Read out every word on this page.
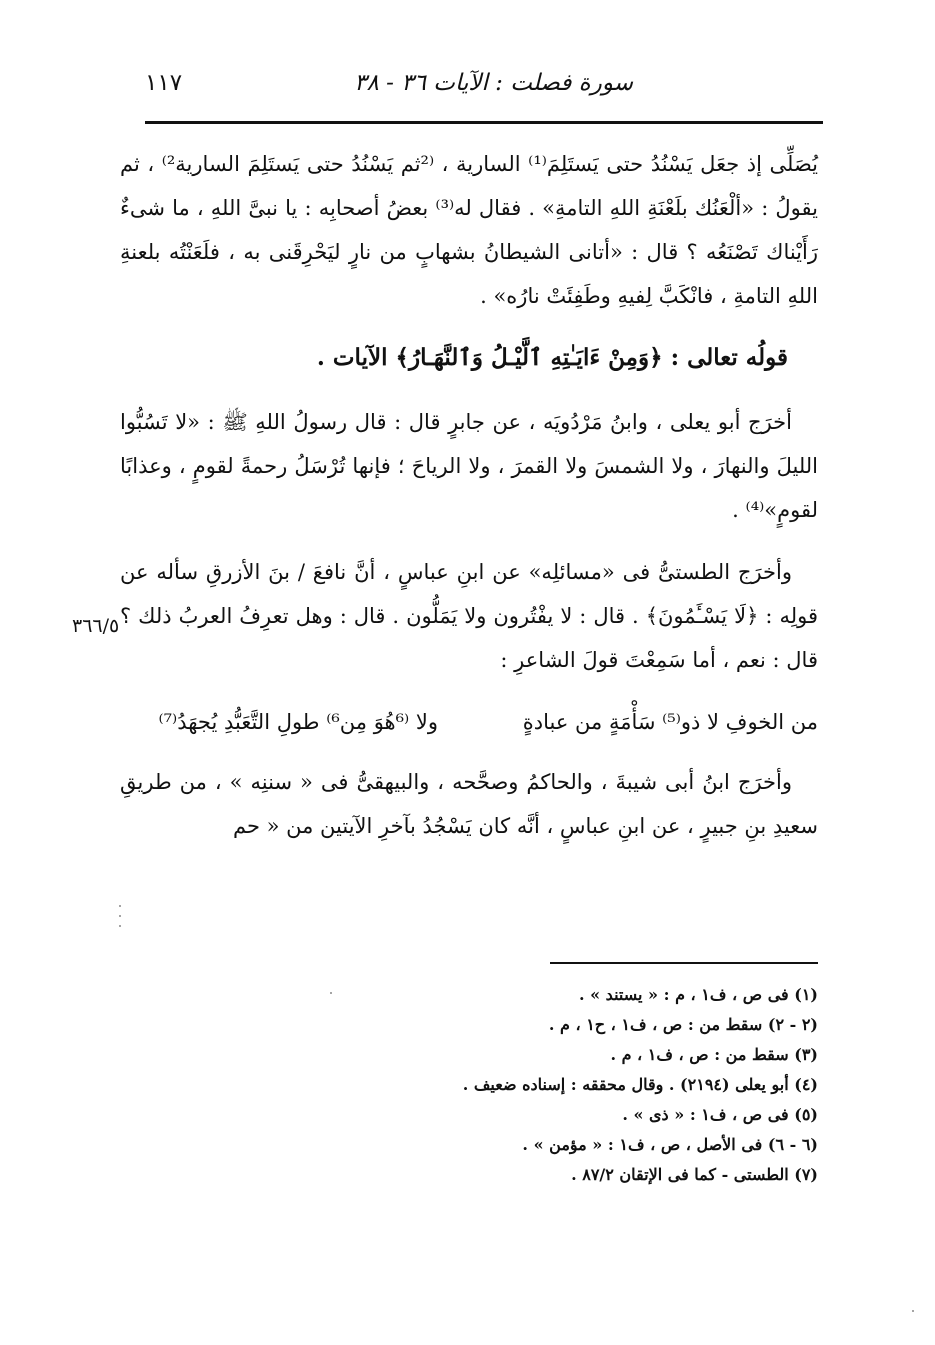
سورة فصلت : الآيات ٣٦ - ٣٨
١١٧
٣٦٦/٥

يُصَلِّى إذ جعَل يَسْنُدُ حتى يَستَلِمَ⁽¹⁾ السارية ، ⁽²ثم يَسْنُدُ حتى يَستَلِمَ السارية²⁾ ، ثم يقولُ : «ألْعَنُك بلَعْنَةِ اللهِ التامةِ» . فقال له⁽³⁾ بعضُ أصحابِه : يا نبىَّ اللهِ ، ما شىءٌ رَأَيْناك تَصْنَعُه ؟ قال : «أتانى الشيطانُ بشهابٍ من نارٍ ليَحْرِقَنى به ، فلَعَنْتُه بلعنةِ اللهِ التامةِ ، فانْكَبَّ لِفيهِ وطَفِئَتْ نارُه» .

قولُه تعالى : ﴿وَمِنْ ءَايَـٰتِهِ ٱلَّيْـلُ وَٱلنَّهَـارُ﴾ الآيات .

أخرَج أبو يعلى ، وابنُ مَرْدُويَه ، عن جابرٍ قال : قال رسولُ اللهِ ﷺ : «لا تَسُبُّوا الليلَ والنهارَ ، ولا الشمسَ ولا القمرَ ، ولا الرياحَ ؛ فإنها تُرْسَلُ رحمةً لقومٍ ، وعذابًا لقومٍ»⁽⁴⁾ .

وأخرَج الطستىُّ فى «مسائلِه» عن ابنِ عباسٍ ، أنَّ نافعَ / بنَ الأزرقِ سأله عن قولِه : ﴿لَا يَسْـَٔمُونَ﴾ . قال : لا يفْتُرون ولا يَمَلُّون . قال : وهل تعرِفُ العربُ ذلك ؟ قال : نعم ، أما سَمِعْتَ قولَ الشاعرِ :

من الخوفِ لا ذو⁽⁵⁾ سَأْمَةٍ من عبادةٍ
ولا ⁽⁶هُوَ مِن⁶⁾ طولِ التَّعَبُّدِ يُجهَدُ⁽⁷⁾

وأخرَج ابنُ أبى شيبةَ ، والحاكمُ وصحَّحه ، والبيهقىُّ فى « سننِه » ، من طريقِ سعيدِ بنِ جبيرٍ ، عن ابنِ عباسٍ ، أنَّه كان يَسْجُدُ بآخرِ الآيتين من « حم

(١) فى ص ، ف١ ، م : « يستند » .

(٢ - ٢) سقط من : ص ، ف١ ، ح١ ، م .

(٣) سقط من : ص ، ف١ ، م .

(٤) أبو يعلى (٢١٩٤) . وقال محققه : إسناده ضعيف .

(٥) فى ص ، ف١ : « ذى » .

(٦ - ٦) فى الأصل ، ص ، ف١ : « مؤمن » .

(٧) الطستى - كما فى الإتقان ٨٧/٢ .
